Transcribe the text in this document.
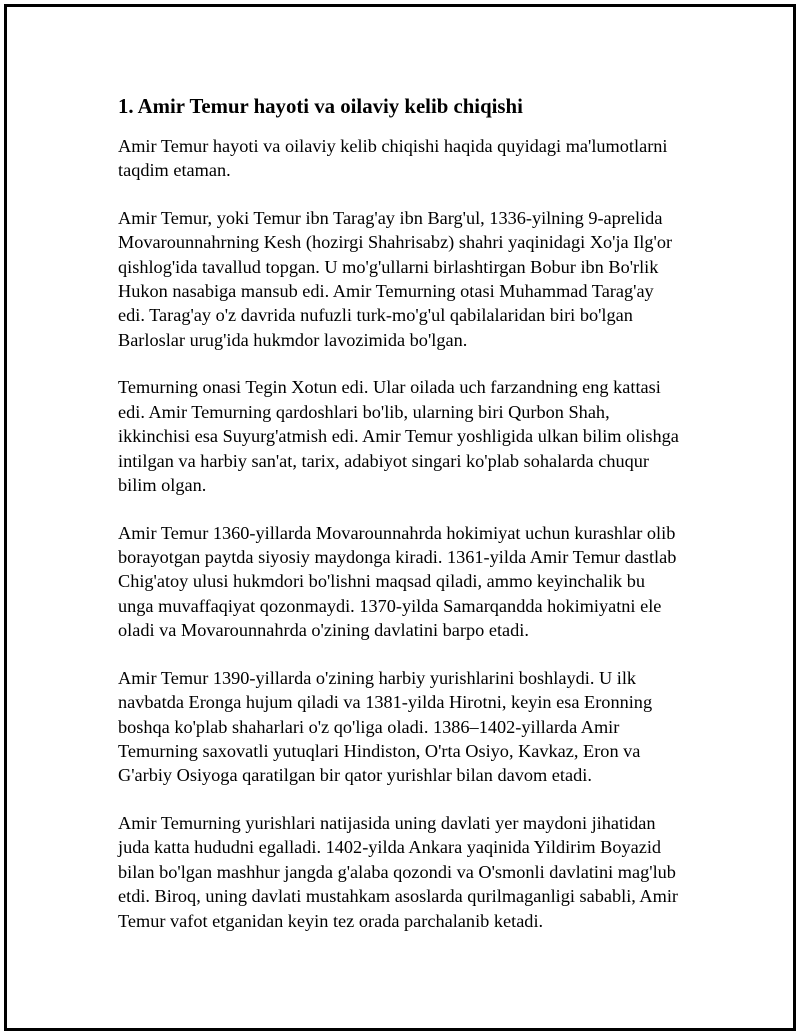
1. Amir Temur hayoti va oilaviy kelib chiqishi

Amir Temur hayoti va oilaviy kelib chiqishi haqida quyidagi ma'lumotlarni
taqdim etaman.

Amir Temur, yoki Temur ibn Tarag'ay ibn Barg'ul, 1336-yilning 9-aprelida
Movarounnahrning Kesh (hozirgi Shahrisabz) shahri yaqinidagi Xo'ja Ilg'or
qishlog'ida tavallud topgan. U mo'g'ullarni birlashtirgan Bobur ibn Bo'rlik
Hukon nasabiga mansub edi. Amir Temurning otasi Muhammad Tarag'ay
edi. Tarag'ay o'z davrida nufuzli turk-mo'g'ul qabilalaridan biri bo'lgan
Barloslar urug'ida hukmdor lavozimida bo'lgan.

Temurning onasi Tegin Xotun edi. Ular oilada uch farzandning eng kattasi
edi. Amir Temurning qardoshlari bo'lib, ularning biri Qurbon Shah,
ikkinchisi esa Suyurg'atmish edi. Amir Temur yoshligida ulkan bilim olishga
intilgan va harbiy san'at, tarix, adabiyot singari ko'plab sohalarda chuqur
bilim olgan.

Amir Temur 1360-yillarda Movarounnahrda hokimiyat uchun kurashlar olib
borayotgan paytda siyosiy maydonga kiradi. 1361-yilda Amir Temur dastlab
Chig'atoy ulusi hukmdori bo'lishni maqsad qiladi, ammo keyinchalik bu
unga muvaffaqiyat qozonmaydi. 1370-yilda Samarqandda hokimiyatni ele
oladi va Movarounnahrda o'zining davlatini barpo etadi.

Amir Temur 1390-yillarda o'zining harbiy yurishlarini boshlaydi. U ilk
navbatda Eronga hujum qiladi va 1381-yilda Hirotni, keyin esa Eronning
boshqa ko'plab shaharlari o'z qo'liga oladi. 1386–1402-yillarda Amir
Temurning saxovatli yutuqlari Hindiston, O'rta Osiyo, Kavkaz, Eron va
G'arbiy Osiyoga qaratilgan bir qator yurishlar bilan davom etadi.

Amir Temurning yurishlari natijasida uning davlati yer maydoni jihatidan
juda katta hududni egalladi. 1402-yilda Ankara yaqinida Yildirim Boyazid
bilan bo'lgan mashhur jangda g'alaba qozondi va O'smonli davlatini mag'lub
etdi. Biroq, uning davlati mustahkam asoslarda qurilmaganligi sababli, Amir
Temur vafot etganidan keyin tez orada parchalanib ketadi.
